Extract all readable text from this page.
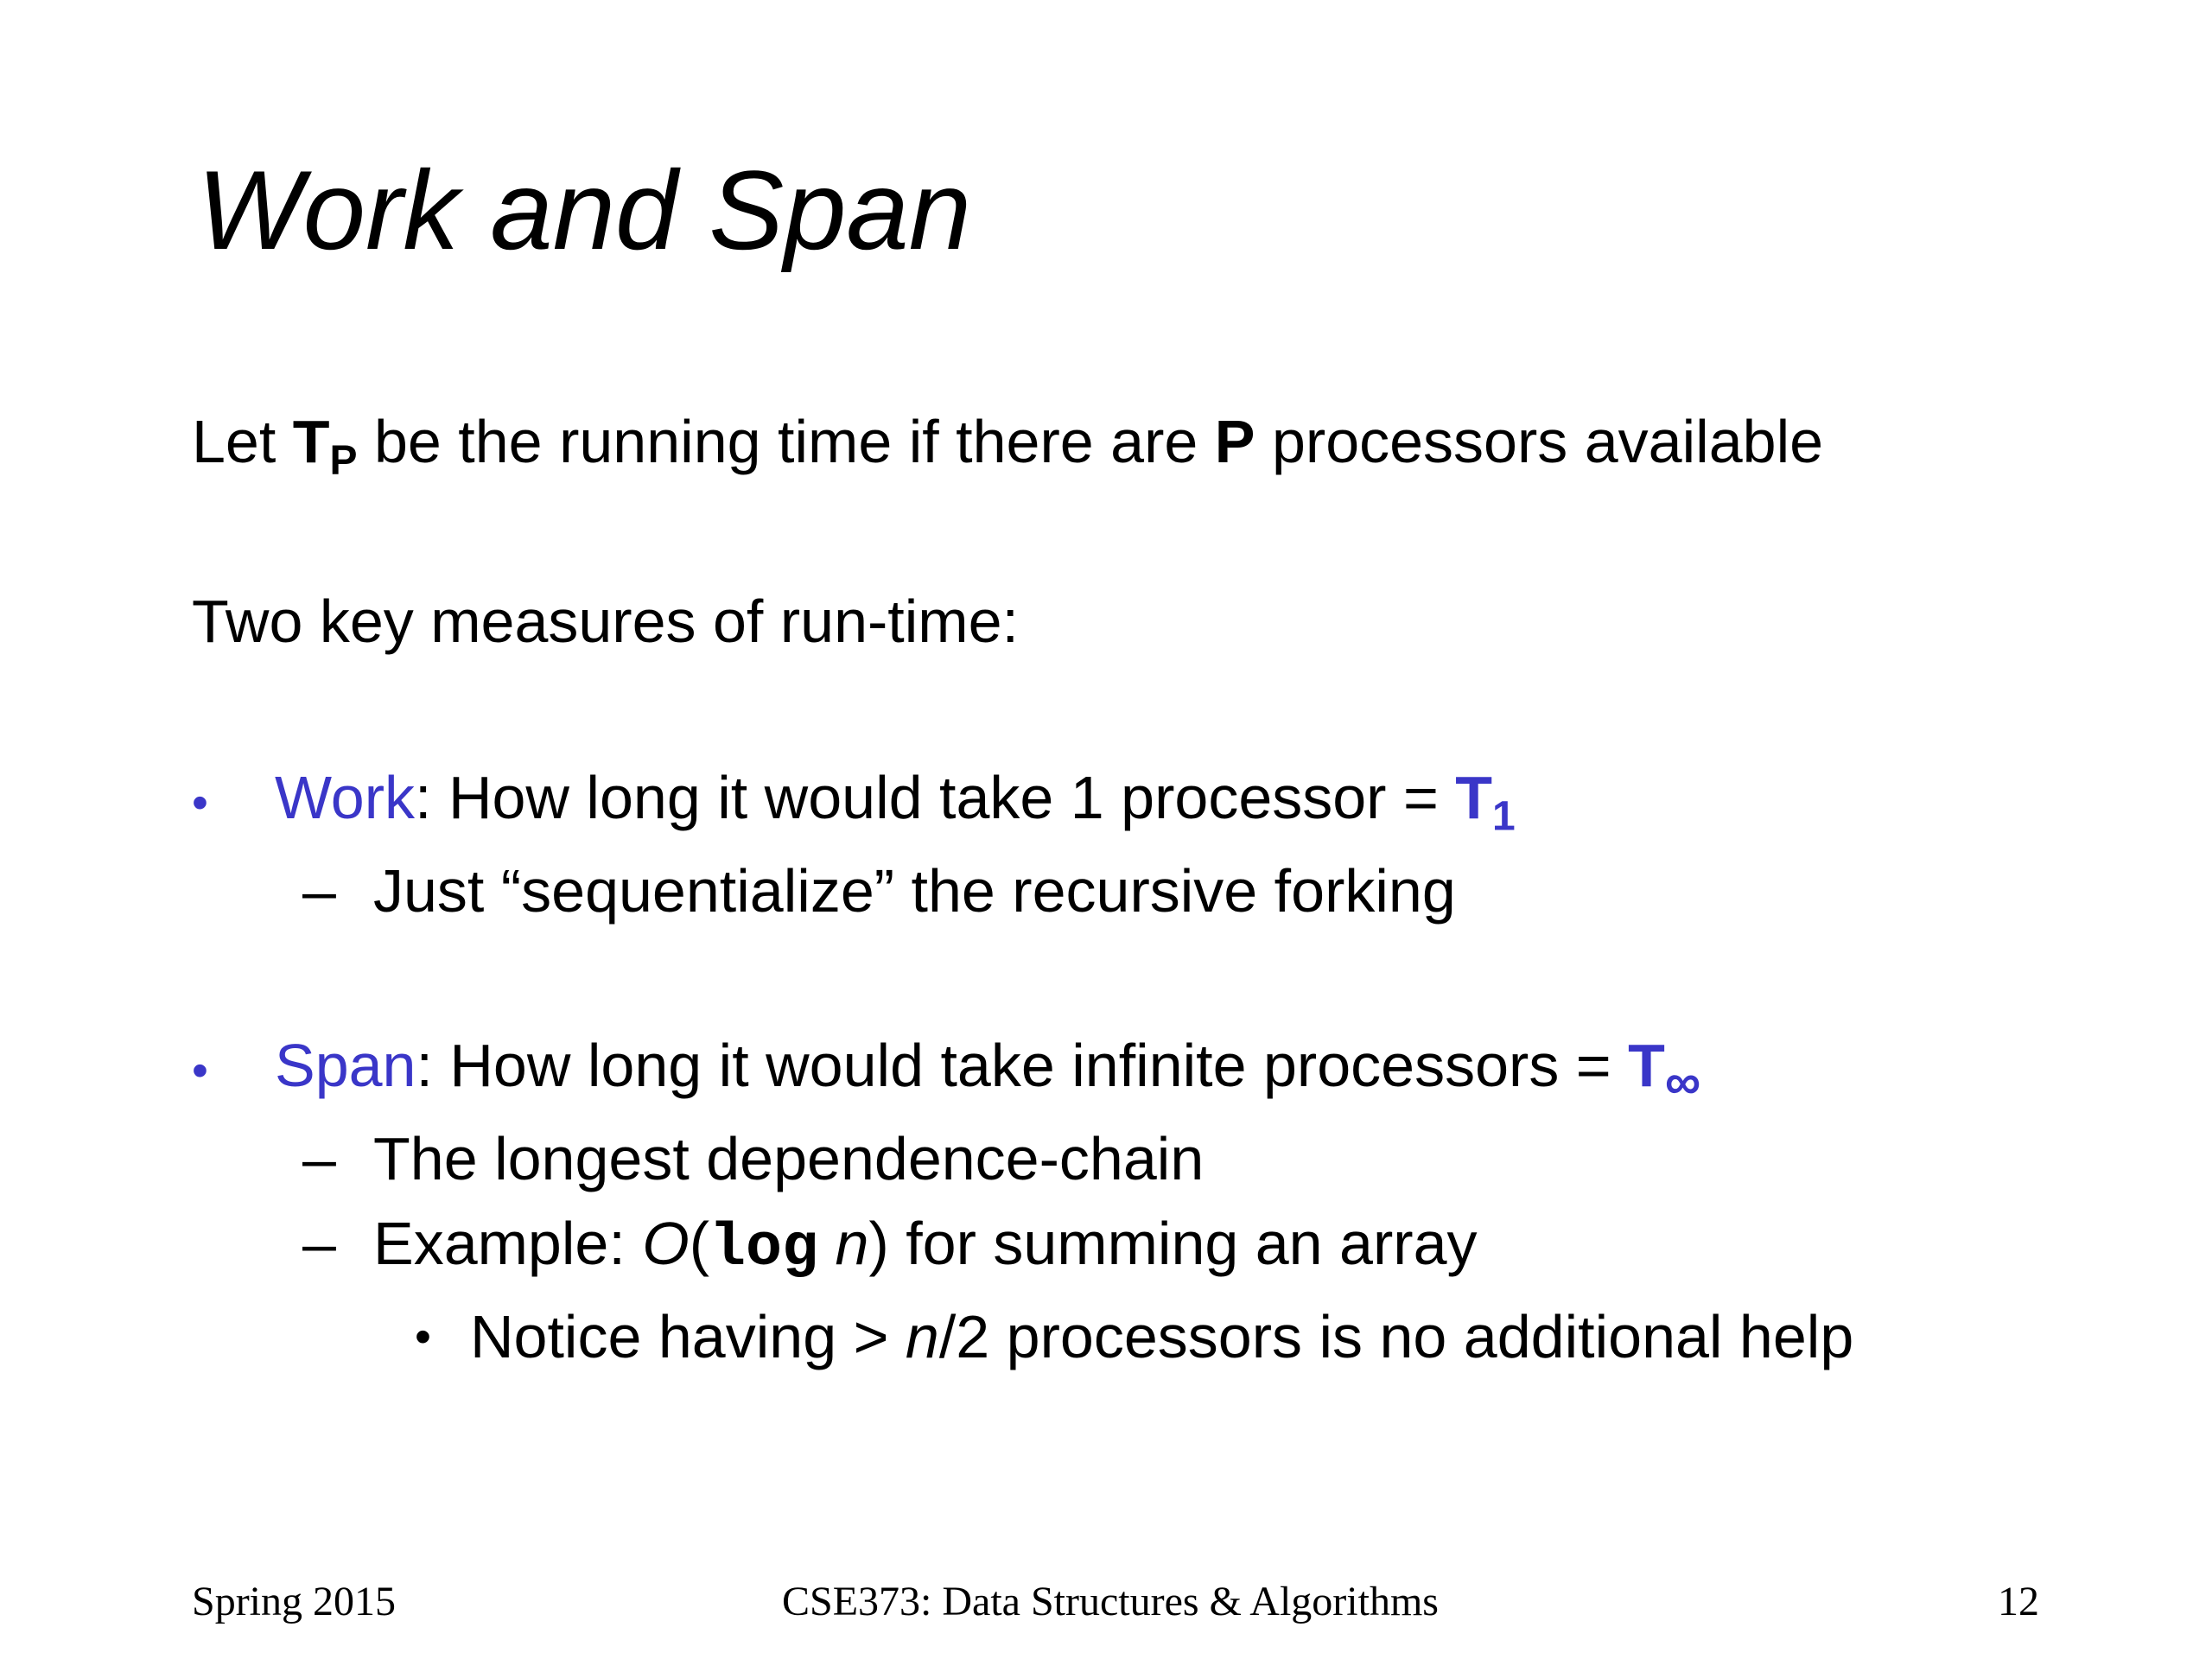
Work and Span
Let $T_P$ be the running time if there are P processors available
Two key measures of run-time:
• Work: How long it would take 1 processor = $T_1$
– Just “sequentialize” the recursive forking
• Span: How long it would take infinite processors = $T_\infty$
– The longest dependence-chain
– Example: O(log n) for summing an array
• Notice having > n/2 processors is no additional help
Spring 2015	CSE373: Data Structures & Algorithms	12
